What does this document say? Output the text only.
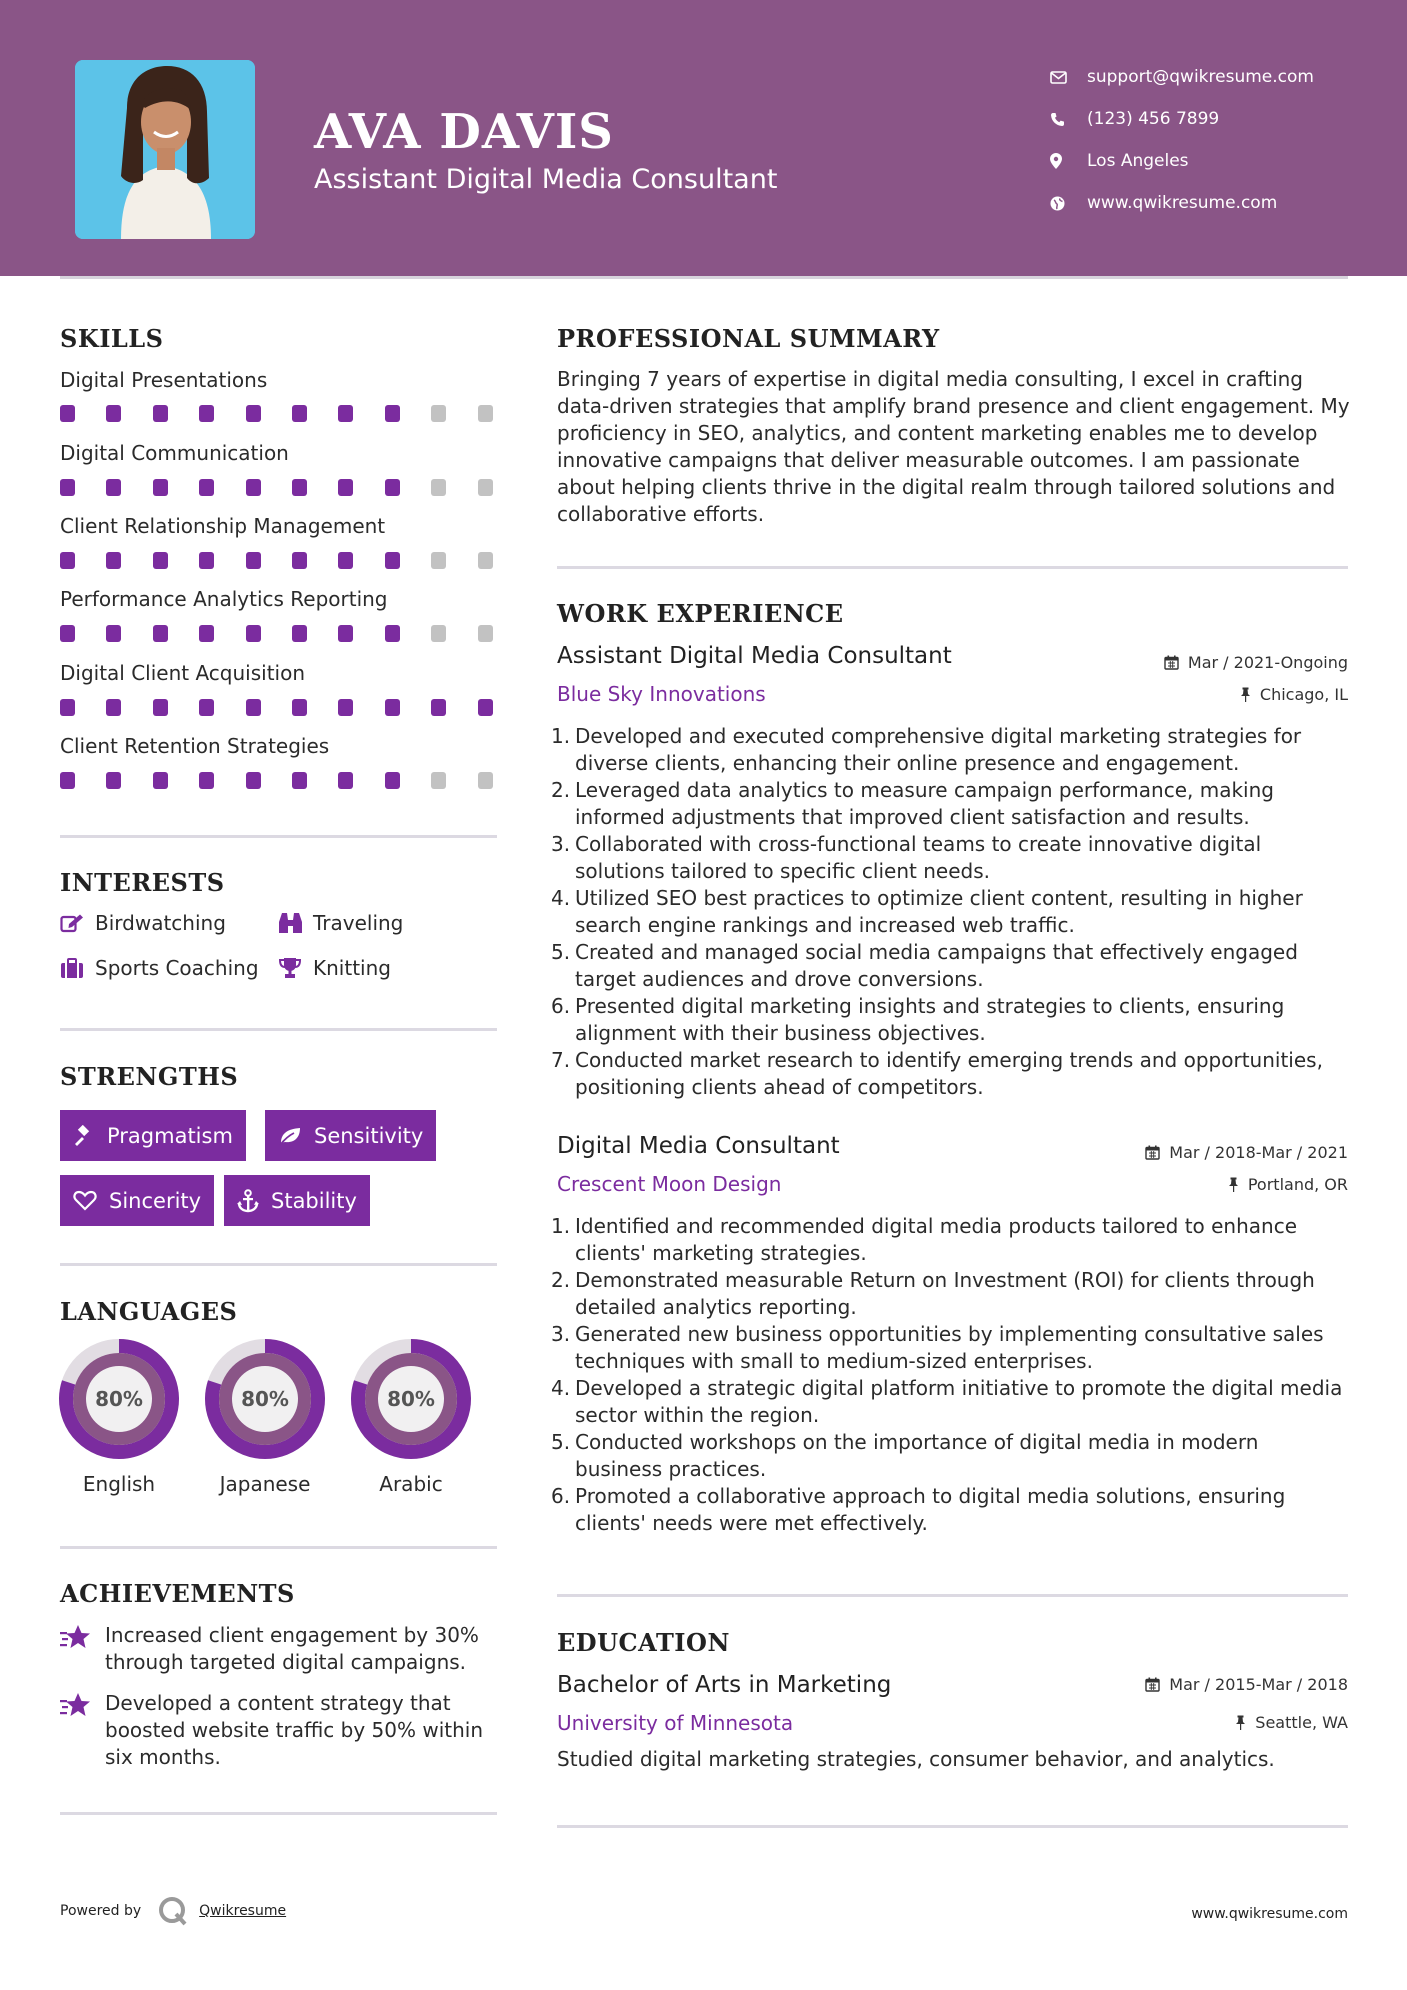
AVA DAVIS
Assistant Digital Media Consultant
support@qwikresume.com
(123) 456 7899
Los Angeles
www.qwikresume.com
SKILLS
Digital Presentations
Digital Communication
Client Relationship Management
Performance Analytics Reporting
Digital Client Acquisition
Client Retention Strategies
INTERESTS
Birdwatching	Traveling
Sports Coaching	Knitting
STRENGTHS
Pragmatism	Sensitivity
Sincerity	Stability
LANGUAGES
80%
English
80%
Japanese
80%
Arabic
ACHIEVEMENTS
Increased client engagement by 30% through targeted digital campaigns.
Developed a content strategy that boosted website traffic by 50% within six months.
PROFESSIONAL SUMMARY
Bringing 7 years of expertise in digital media consulting, I excel in crafting data-driven strategies that amplify brand presence and client engagement. My proficiency in SEO, analytics, and content marketing enables me to develop innovative campaigns that deliver measurable outcomes. I am passionate about helping clients thrive in the digital realm through tailored solutions and collaborative efforts.
WORK EXPERIENCE
Assistant Digital Media Consultant	Mar / 2021-Ongoing
Blue Sky Innovations	Chicago, IL
1. Developed and executed comprehensive digital marketing strategies for diverse clients, enhancing their online presence and engagement.
2. Leveraged data analytics to measure campaign performance, making informed adjustments that improved client satisfaction and results.
3. Collaborated with cross-functional teams to create innovative digital solutions tailored to specific client needs.
4. Utilized SEO best practices to optimize client content, resulting in higher search engine rankings and increased web traffic.
5. Created and managed social media campaigns that effectively engaged target audiences and drove conversions.
6. Presented digital marketing insights and strategies to clients, ensuring alignment with their business objectives.
7. Conducted market research to identify emerging trends and opportunities, positioning clients ahead of competitors.
Digital Media Consultant	Mar / 2018-Mar / 2021
Crescent Moon Design	Portland, OR
1. Identified and recommended digital media products tailored to enhance clients' marketing strategies.
2. Demonstrated measurable Return on Investment (ROI) for clients through detailed analytics reporting.
3. Generated new business opportunities by implementing consultative sales techniques with small to medium-sized enterprises.
4. Developed a strategic digital platform initiative to promote the digital media sector within the region.
5. Conducted workshops on the importance of digital media in modern business practices.
6. Promoted a collaborative approach to digital media solutions, ensuring clients' needs were met effectively.
EDUCATION
Bachelor of Arts in Marketing	Mar / 2015-Mar / 2018
University of Minnesota	Seattle, WA
Studied digital marketing strategies, consumer behavior, and analytics.
Powered by	Qwikresume	www.qwikresume.com
